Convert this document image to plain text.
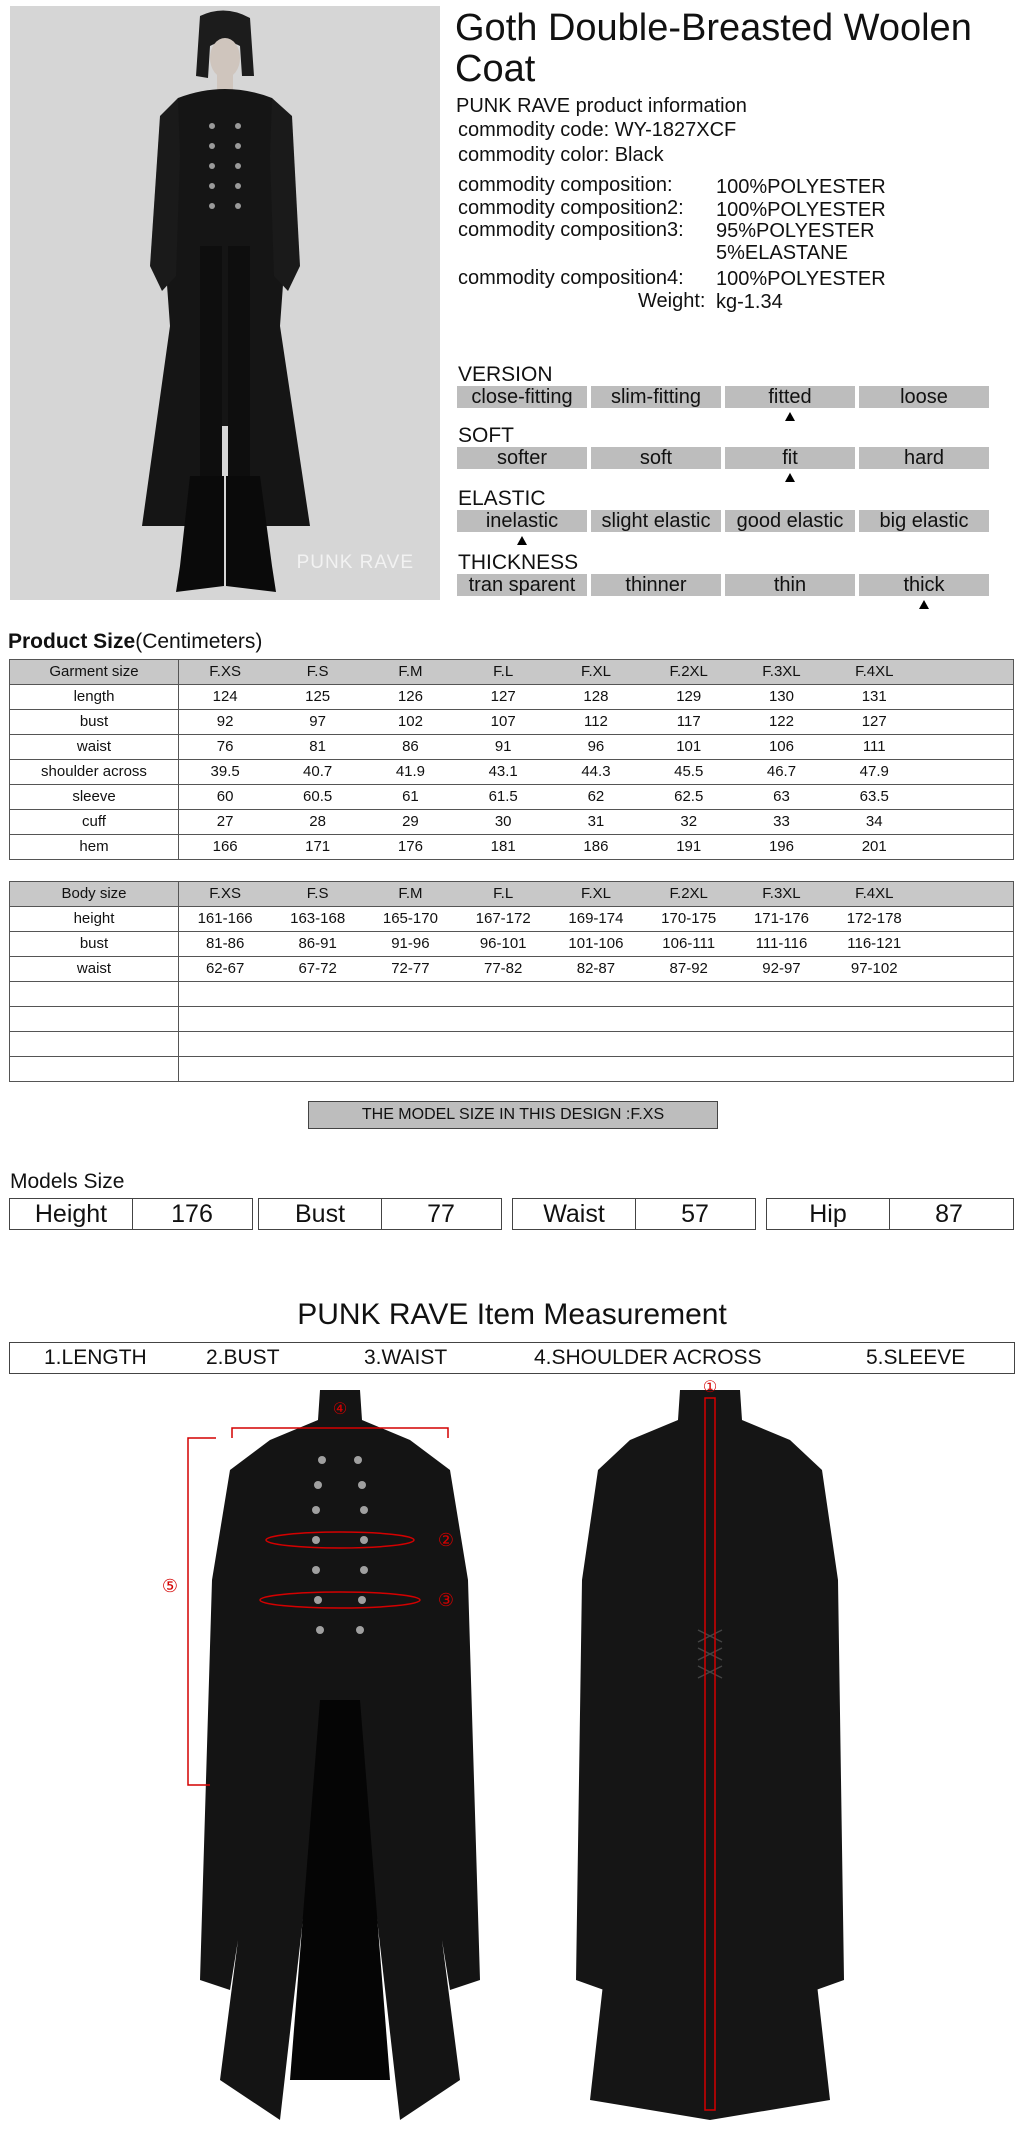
PUNK RAVE
Goth Double-Breasted Woolen Coat
PUNK RAVE product information
commodity code: WY-1827XCF
commodity color: Black
commodity composition: 100%POLYESTER
commodity composition2: 100%POLYESTER
commodity composition3: 95%POLYESTER
5%ELASTANE
commodity composition4: 100%POLYESTER
Weight: kg-1.34
VERSION
close-fitting	slim-fitting	fitted	loose
SOFT
softer	soft	fit	hard
ELASTIC
inelastic	slight elastic	good elastic	big elastic
THICKNESS
tran sparent	thinner	thin	thick
Product Size(Centimeters)
Garment size	F.XS	F.S	F.M	F.L	F.XL	F.2XL	F.3XL	F.4XL	
length	124	125	126	127	128	129	130	131	
bust	92	97	102	107	112	117	122	127	
waist	76	81	86	91	96	101	106	111	
shoulder across	39.5	40.7	41.9	43.1	44.3	45.5	46.7	47.9	
sleeve	60	60.5	61	61.5	62	62.5	63	63.5	
cuff	27	28	29	30	31	32	33	34	
hem	166	171	176	181	186	191	196	201	
Body size	F.XS	F.S	F.M	F.L	F.XL	F.2XL	F.3XL	F.4XL	
height	161-166	163-168	165-170	167-172	169-174	170-175	171-176	172-178	
bust	81-86	86-91	91-96	96-101	101-106	106-111	111-116	116-121	
waist	62-67	67-72	72-77	77-82	82-87	87-92	92-97	97-102	

THE MODEL SIZE IN THIS DESIGN :F.XS
Models Size
Height	176	Bust	77	Waist	57	Hip	87
PUNK RAVE Item Measurement
1.LENGTH	2.BUST	3.WAIST	4.SHOULDER ACROSS	5.SLEEVE
④
②
③
⑤
①
